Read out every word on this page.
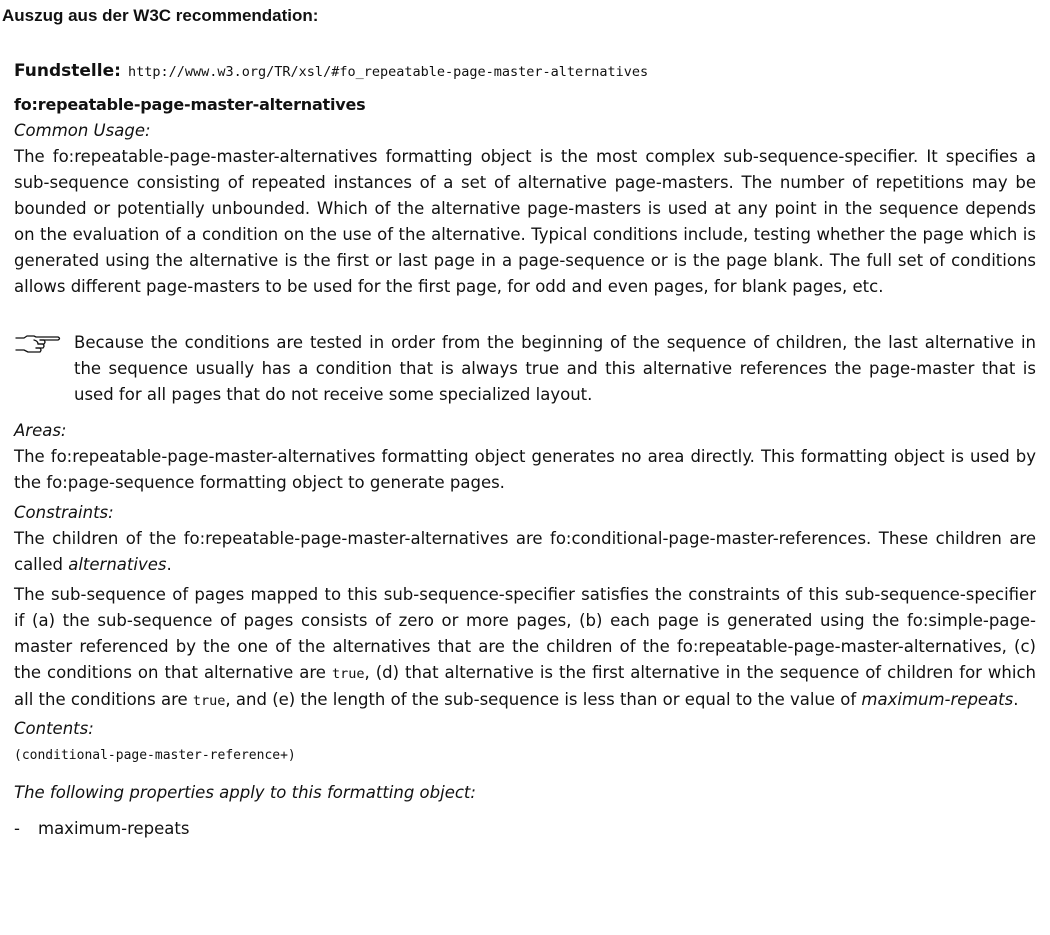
Auszug aus der W3C recommendation:
Fundstelle: http://www.w3.org/TR/xsl/#fo_repeatable-page-master-alternatives
fo:repeatable-page-master-alternatives
Common Usage:

The fo:repeatable-page-master-alternatives formatting object is the most complex sub-sequence-specifier. It specifies a sub-sequence consisting of repeated instances of a set of alternative page-masters. The number of repetitions may be bounded or potentially unbounded. Which of the alternative page-masters is used at any point in the sequence depends on the evaluation of a condition on the use of the alternative. Typical conditions include, testing whether the page which is generated using the alternative is the first or last page in a page-sequence or is the page blank. The full set of conditions allows different page-masters to be used for the first page, for odd and even pages, for blank pages, etc.

Because the conditions are tested in order from the beginning of the sequence of children, the last alternative in the sequence usually has a condition that is always true and this alternative references the page-master that is used for all pages that do not receive some specialized layout.
Areas:

The fo:repeatable-page-master-alternatives formatting object generates no area directly. This formatting object is used by the fo:page-sequence formatting object to generate pages.

Constraints:

The children of the fo:repeatable-page-master-alternatives are fo:conditional-page-master-references. These children are called alternatives.

The sub-sequence of pages mapped to this sub-sequence-specifier satisfies the constraints of this sub-sequence-specifier if (a) the sub-sequence of pages consists of zero or more pages, (b) each page is generated using the fo:simple-page-master referenced by the one of the alternatives that are the children of the fo:repeatable-page-master-alternatives, (c) the conditions on that alternative are true, (d) that alternative is the first alternative in the sequence of children for which all the conditions are true, and (e) the length of the sub-sequence is less than or equal to the value of maximum-repeats.

Contents:
(conditional-page-master-reference+)
The following properties apply to this formatting object:
-	maximum-repeats
